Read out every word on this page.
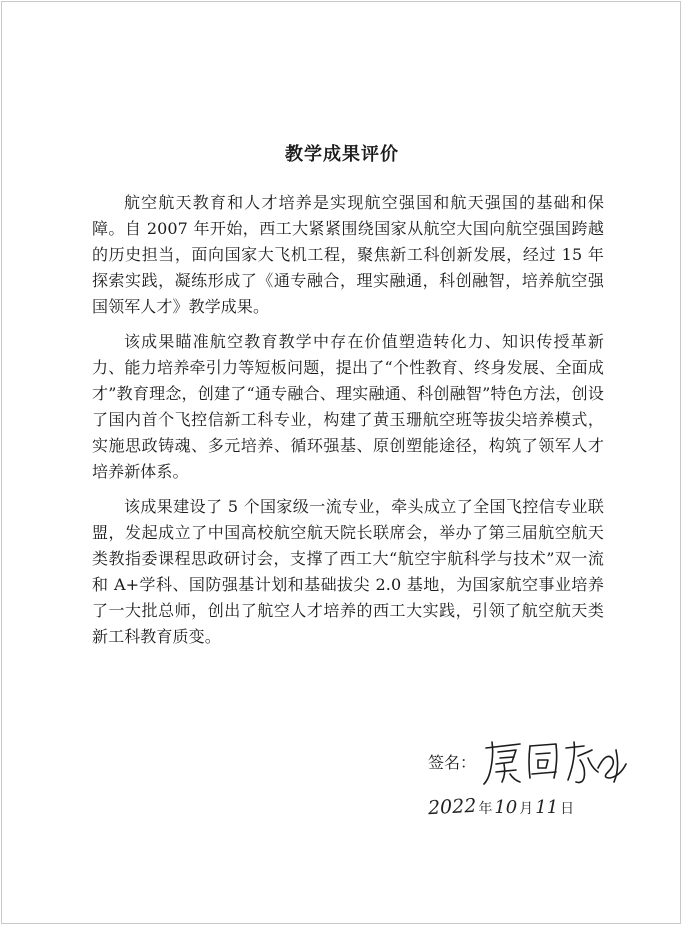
教学成果评价

航空航天教育和人才培养是实现航空强国和航天强国的基础和保障。自 2007 年开始，西工大紧紧围绕国家从航空大国向航空强国跨越的历史担当，面向国家大飞机工程，聚焦新工科创新发展，经过 15 年探索实践，凝练形成了《通专融合，理实融通，科创融智，培养航空强国领军人才》教学成果。

该成果瞄准航空教育教学中存在价值塑造转化力、知识传授革新力、能力培养牵引力等短板问题，提出了“个性教育、终身发展、全面成才”教育理念，创建了“通专融合、理实融通、科创融智”特色方法，创设了国内首个飞控信新工科专业，构建了黄玉珊航空班等拔尖培养模式，实施思政铸魂、多元培养、循环强基、原创塑能途径，构筑了领军人才培养新体系。

该成果建设了 5 个国家级一流专业，牵头成立了全国飞控信专业联盟，发起成立了中国高校航空航天院长联席会，举办了第三届航空航天类教指委课程思政研讨会，支撑了西工大“航空宇航科学与技术”双一流和 A+学科、国防强基计划和基础拔尖 2.0 基地，为国家航空事业培养了一大批总师，创出了航空人才培养的西工大实践，引领了航空航天类新工科教育质变。

签名：
2022年 10 月 11 日
